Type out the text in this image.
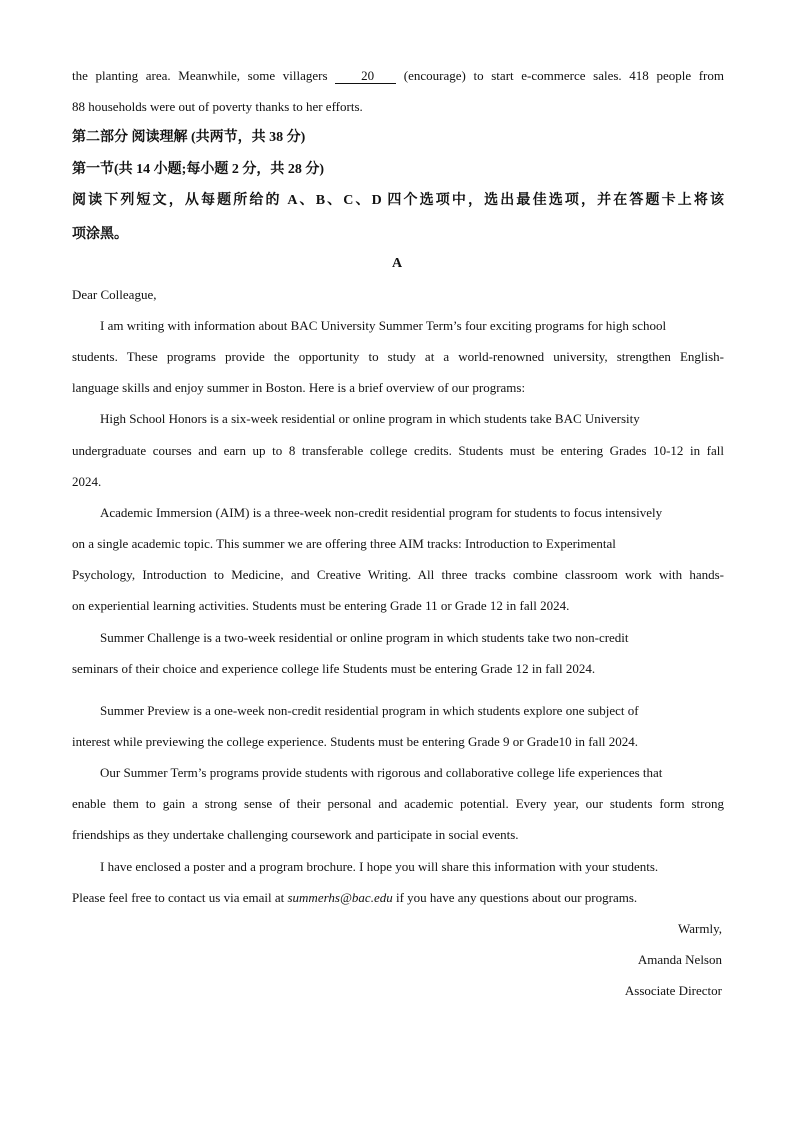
the planting area. Meanwhile, some villagers 20 (encourage) to start e-commerce sales. 418 people from
88 households were out of poverty thanks to her efforts.
第二部分 阅读理解 (共两节，共 38 分)
第一节(共 14 小题;每小题 2 分，共 28 分)
阅读下列短文，从每题所给的 A、B、C、D 四个选项中，选出最佳选项，并在答题卡上将该
项涂黑。
A
Dear Colleague,
I am writing with information about BAC University Summer Term’s four exciting programs for high school
students. These programs provide the opportunity to study at a world-renowned university, strengthen English-
language skills and enjoy summer in Boston. Here is a brief overview of our programs:
High School Honors is a six-week residential or online program in which students take BAC University
undergraduate courses and earn up to 8 transferable college credits. Students must be entering Grades 10-12 in fall
2024.
Academic Immersion (AIM) is a three-week non-credit residential program for students to focus intensively
on a single academic topic. This summer we are offering three AIM tracks: Introduction to Experimental
Psychology, Introduction to Medicine, and Creative Writing. All three tracks combine classroom work with hands-
on experiential learning activities. Students must be entering Grade 11 or Grade 12 in fall 2024.
Summer Challenge is a two-week residential or online program in which students take two non-credit
seminars of their choice and experience college life Students must be entering Grade 12 in fall 2024.
Summer Preview is a one-week non-credit residential program in which students explore one subject of
interest while previewing the college experience. Students must be entering Grade 9 or Grade10 in fall 2024.
Our Summer Term’s programs provide students with rigorous and collaborative college life experiences that
enable them to gain a strong sense of their personal and academic potential. Every year, our students form strong
friendships as they undertake challenging coursework and participate in social events.
I have enclosed a poster and a program brochure. I hope you will share this information with your students.
Please feel free to contact us via email at summerhs@bac.edu if you have any questions about our programs.
Warmly,
Amanda Nelson
Associate Director
